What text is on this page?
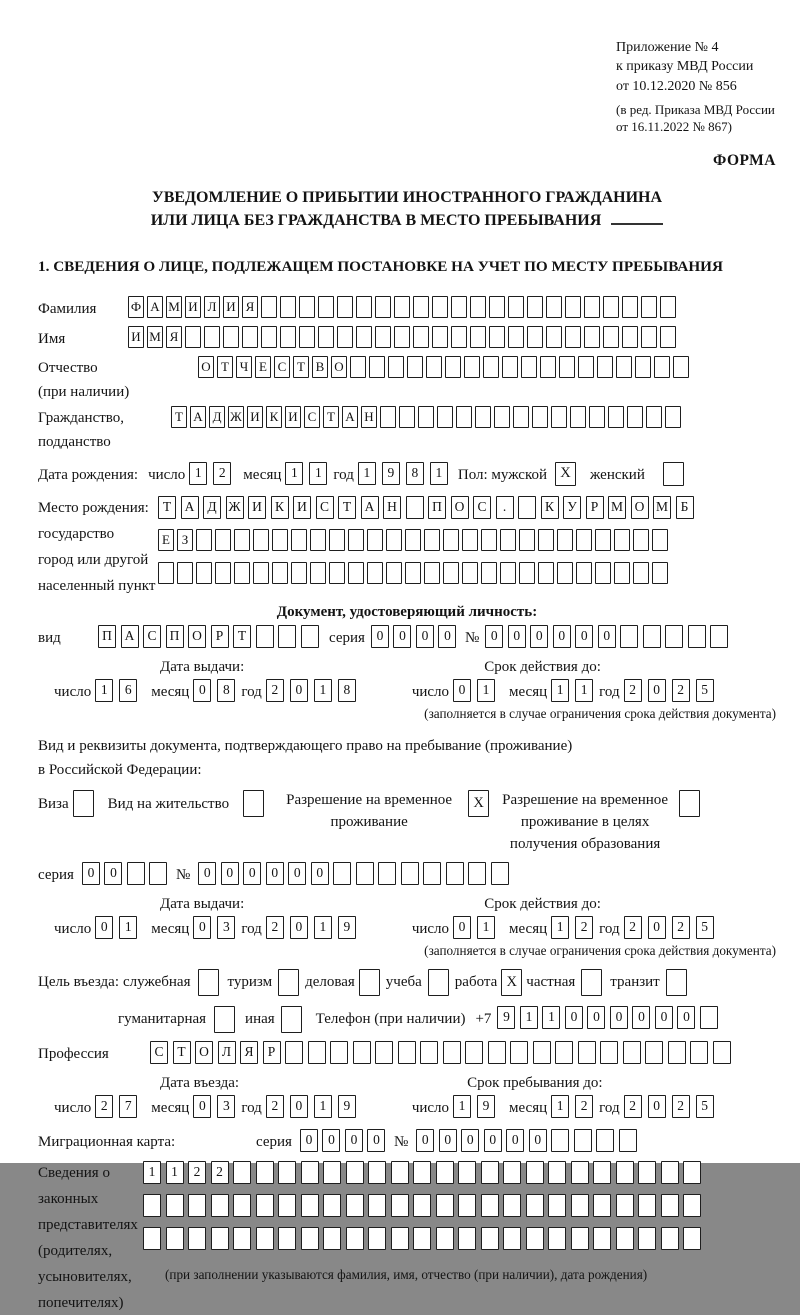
Приложение № 4
к приказу МВД России
от 10.12.2020 № 856
(в ред. Приказа МВД России
от 16.11.2022 № 867)
ФОРМА
УВЕДОМЛЕНИЕ О ПРИБЫТИИ ИНОСТРАННОГО ГРАЖДАНИНА
ИЛИ ЛИЦА БЕЗ ГРАЖДАНСТВА В МЕСТО ПРЕБЫВАНИЯ
1. СВЕДЕНИЯ О ЛИЦЕ, ПОДЛЕЖАЩЕМ ПОСТАНОВКЕ НА УЧЕТ ПО МЕСТУ ПРЕБЫВАНИЯ
Фамилия	Ф А М И Л И Я
Имя	И М Я
Отчество
(при наличии)
О Т Ч Е С Т В О
Гражданство,
подданство
Т А Д Ж И К И С Т А Н
Дата рождения: число 1 2	месяц 1 1 год 1 9 8 1	Пол: мужской X	женский
Место рождения:
государство
город или другой
населенный пункт
Т А Д Ж И К И С Т А Н	П О С .	К У Р М О М Б
Е З
Документ, удостоверяющий личность:
вид	П А С П О Р Т	серия 0 0 0 0 № 0 0 0 0 0 0
Дата выдачи:	Срок действия до:
число 1 6	месяц 0 8 год 2 0 1 8	число 0 1	месяц 1 1 год 2 0 2 5
(заполняется в случае ограничения срока действия документа)
Вид и реквизиты документа, подтверждающего право на пребывание (проживание)
в Российской Федерации:
Виза	Вид на жительство	Разрешение на временное проживание
X	Разрешение на временное проживание в целях получения образования
серия	0 0	№	0 0 0 0 0 0
Дата выдачи:	Срок действия до:
число 0 1	месяц 0 3 год 2 0 1 9	число 0 1	месяц 1 2 год 2 0 2 5
(заполняется в случае ограничения срока действия документа)
Цель въезда: служебная туризм деловая учеба работа X частная транзит
гуманитарная	иная	Телефон (при наличии) +7 9 1 1 0 0 0 0 0 0
Профессия	С Т О Л Я Р
Дата въезда:	Срок пребывания до:
число 2 7	месяц 0 3 год 2 0 1 9	число 1 9	месяц 1 2 год 2 0 2 5
Миграционная карта:	серия	0 0 0 0 №	0 0 0 0 0 0
Сведения о
законных
представителях
(родителях,
усыновителях,
попечителях)
1 1 2 2
(при заполнении указываются фамилия, имя, отчество (при наличии), дата рождения)
